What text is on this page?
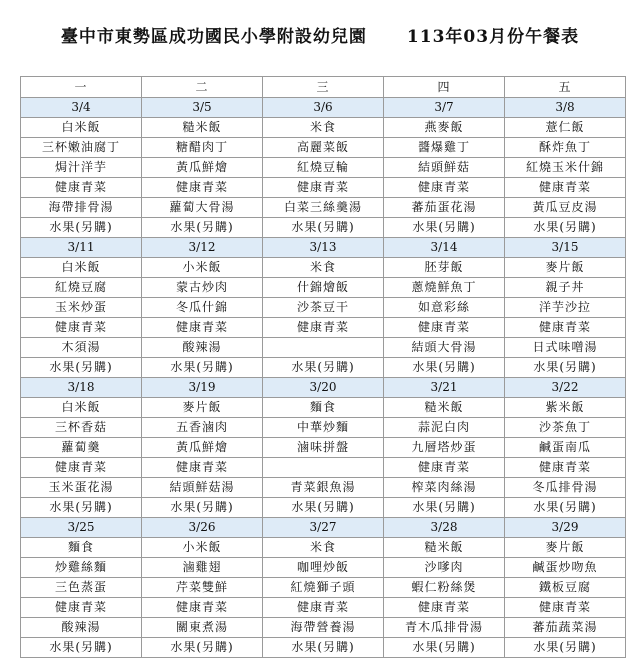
臺中市東勢區成功國民小學附設幼兒園 113年03月份午餐表
一	二	三	四	五
3/4	3/5	3/6	3/7	3/8
白米飯	糙米飯	米食	燕麥飯	薏仁飯
三杯嫩油腐丁	糖醋肉丁	高麗菜飯	醬爆雞丁	酥炸魚丁
焗汁洋芋	黃瓜鮮燴	紅燒豆輪	結頭鮮菇	紅燒玉米什錦
健康青菜	健康青菜	健康青菜	健康青菜	健康青菜
海帶排骨湯	蘿蔔大骨湯	白菜三絲羹湯	蕃茄蛋花湯	黃瓜豆皮湯
水果(另購)	水果(另購)	水果(另購)	水果(另購)	水果(另購)
3/11	3/12	3/13	3/14	3/15
白米飯	小米飯	米食	胚芽飯	麥片飯
紅燒豆腐	蒙古炒肉	什錦燴飯	蔥燒鮮魚丁	親子丼
玉米炒蛋	冬瓜什錦	沙茶豆干	如意彩絲	洋芋沙拉
健康青菜	健康青菜	健康青菜	健康青菜	健康青菜
木須湯	酸辣湯		結頭大骨湯	日式味噌湯
水果(另購)	水果(另購)	水果(另購)	水果(另購)	水果(另購)
3/18	3/19	3/20	3/21	3/22
白米飯	麥片飯	麵食	糙米飯	紫米飯
三杯香菇	五香滷肉	中華炒麵	蒜泥白肉	沙茶魚丁
蘿蔔羹	黃瓜鮮燴	滷味拼盤	九層塔炒蛋	鹹蛋南瓜
健康青菜	健康青菜		健康青菜	健康青菜
玉米蛋花湯	結頭鮮菇湯	青菜銀魚湯	榨菜肉絲湯	冬瓜排骨湯
水果(另購)	水果(另購)	水果(另購)	水果(另購)	水果(另購)
3/25	3/26	3/27	3/28	3/29
麵食	小米飯	米食	糙米飯	麥片飯
炒雞絲麵	滷雞翅	咖哩炒飯	沙嗲肉	鹹蛋炒吻魚
三色蒸蛋	芹菜雙鮮	紅燒獅子頭	蝦仁粉絲煲	鐵板豆腐
健康青菜	健康青菜	健康青菜	健康青菜	健康青菜
酸辣湯	關東煮湯	海帶營養湯	青木瓜排骨湯	蕃茄蔬菜湯
水果(另購)	水果(另購)	水果(另購)	水果(另購)	水果(另購)
